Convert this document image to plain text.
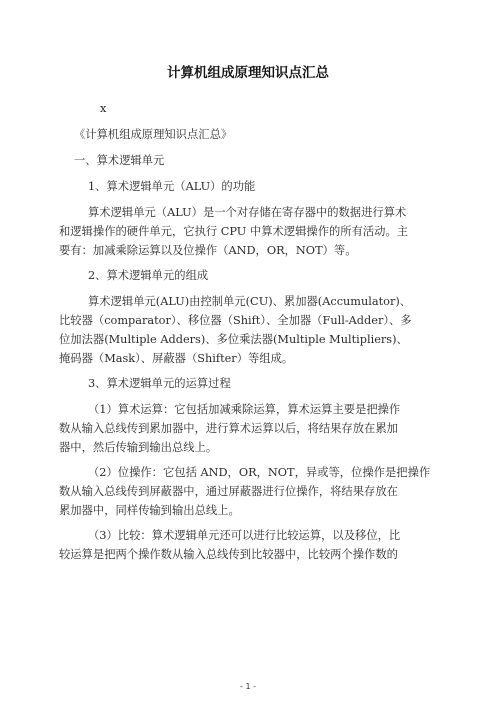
计算机组成原理知识点汇总
x
《计算机组成原理知识点汇总》
一、算术逻辑单元
1、算术逻辑单元（ALU）的功能
算术逻辑单元（ALU）是一个对存储在寄存器中的数据进行算术
和逻辑操作的硬件单元，它执行 CPU 中算术逻辑操作的所有活动。主
要有：加减乘除运算以及位操作（AND，OR，NOT）等。
2、算术逻辑单元的组成
算术逻辑单元(ALU)由控制单元(CU)、累加器(Accumulator)、
比较器（comparator）、移位器（Shift）、全加器（Full-Adder）、多
位加法器(Multiple Adders)、多位乘法器(Multiple Multipliers)、
掩码器（Mask）、屏蔽器（Shifter）等组成。
3、算术逻辑单元的运算过程
（1）算术运算：它包括加减乘除运算，算术运算主要是把操作
数从输入总线传到累加器中，进行算术运算以后，将结果存放在累加
器中，然后传输到输出总线上。
（2）位操作：它包括 AND，OR，NOT，异或等，位操作是把操作
数从输入总线传到屏蔽器中，通过屏蔽器进行位操作，将结果存放在
累加器中，同样传输到输出总线上。
（3）比较：算术逻辑单元还可以进行比较运算，以及移位，比
较运算是把两个操作数从输入总线传到比较器中，比较两个操作数的
- 1 -
